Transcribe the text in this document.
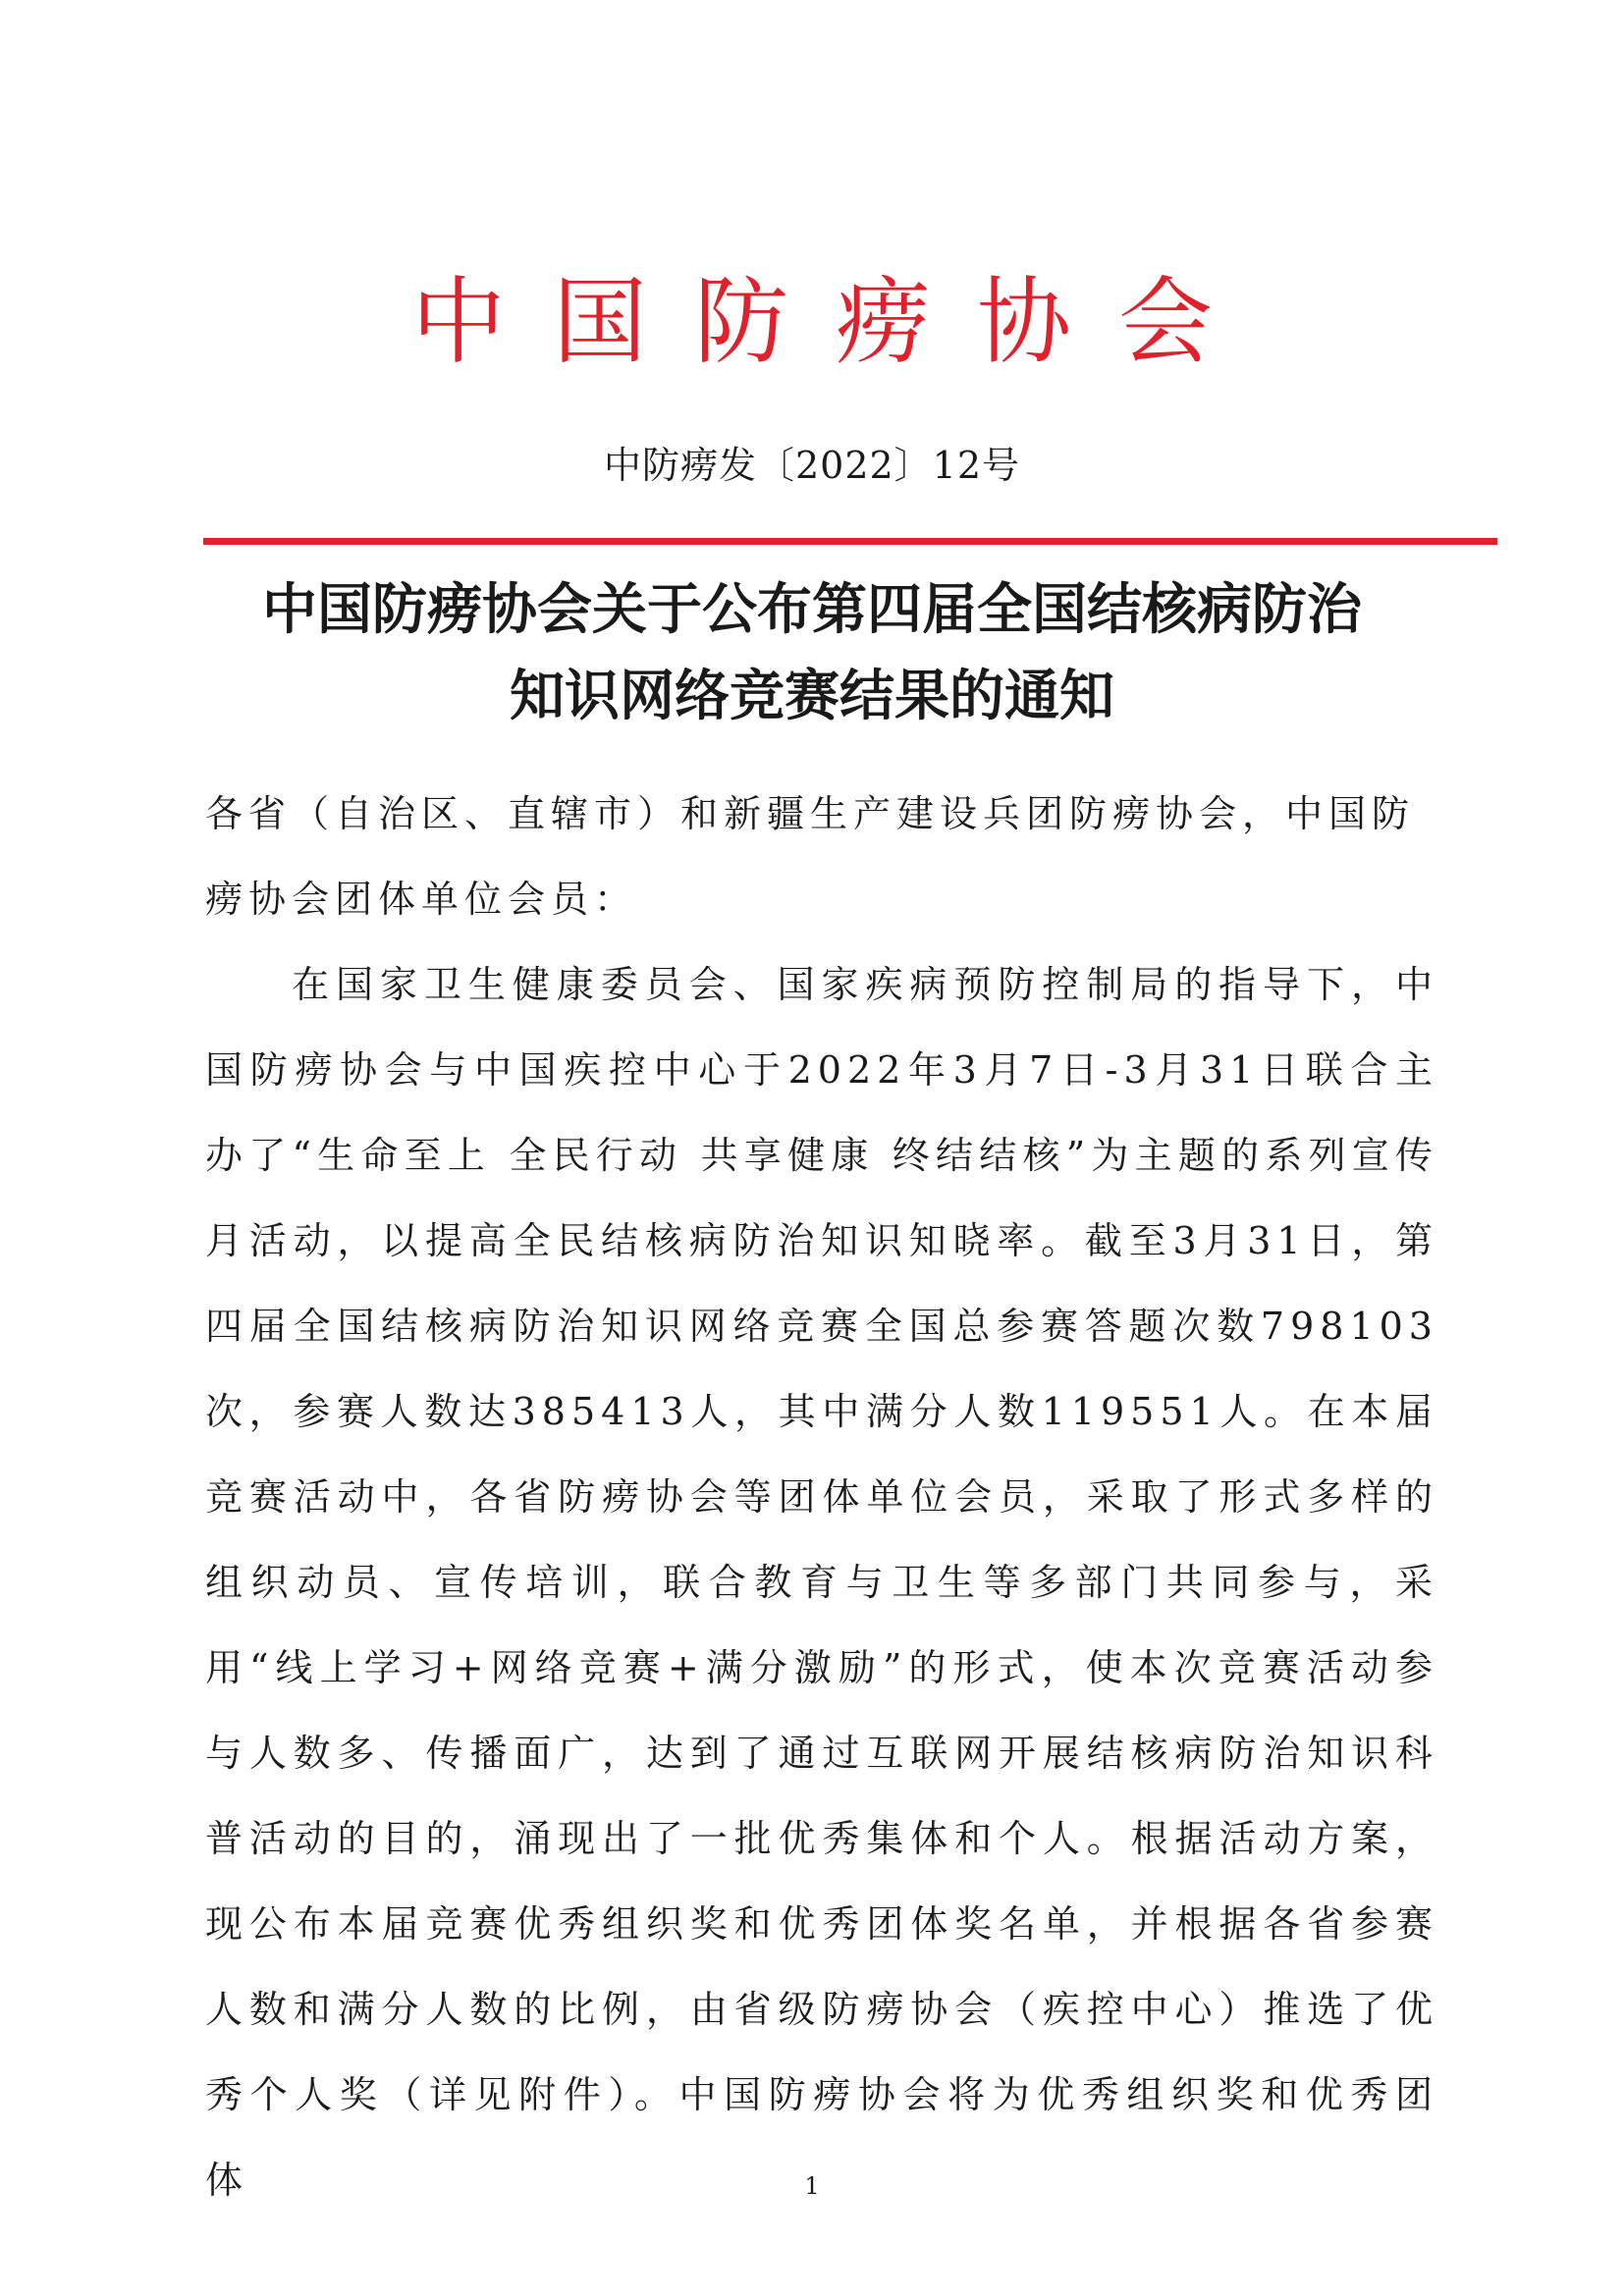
中国防痨协会
中防痨发〔2022〕12号
中国防痨协会关于公布第四届全国结核病防治
知识网络竞赛结果的通知
各省（自治区、直辖市）和新疆生产建设兵团防痨协会，中国防痨协会团体单位会员：

在国家卫生健康委员会、国家疾病预防控制局的指导下，中国防痨协会与中国疾控中心于2022年3月7日-3月31日联合主办了“生命至上 全民行动 共享健康 终结结核”为主题的系列宣传月活动，以提高全民结核病防治知识知晓率。截至3月31日，第四届全国结核病防治知识网络竞赛全国总参赛答题次数798103次，参赛人数达385413人，其中满分人数119551人。在本届竞赛活动中，各省防痨协会等团体单位会员，采取了形式多样的组织动员、宣传培训，联合教育与卫生等多部门共同参与，采用“线上学习+网络竞赛+满分激励”的形式，使本次竞赛活动参与人数多、传播面广，达到了通过互联网开展结核病防治知识科普活动的目的，涌现出了一批优秀集体和个人。根据活动方案，现公布本届竞赛优秀组织奖和优秀团体奖名单，并根据各省参赛人数和满分人数的比例，由省级防痨协会（疾控中心）推选了优秀个人奖（详见附件）。中国防痨协会将为优秀组织奖和优秀团体	1
